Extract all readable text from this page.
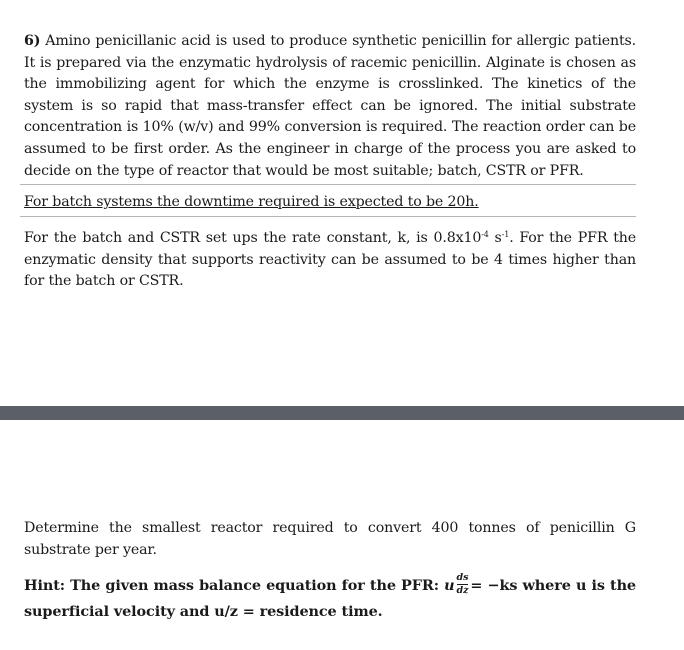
6) Amino penicillanic acid is used to produce synthetic penicillin for allergic patients. It is prepared via the enzymatic hydrolysis of racemic penicillin. Alginate is chosen as the immobilizing agent for which the enzyme is crosslinked. The kinetics of the system is so rapid that mass-transfer effect can be ignored. The initial substrate concentration is 10% (w/v) and 99% conversion is required. The reaction order can be assumed to be first order. As the engineer in charge of the process you are asked to decide on the type of reactor that would be most suitable; batch, CSTR or PFR.
For batch systems the downtime required is expected to be 20h.
For the batch and CSTR set ups the rate constant, k, is $0.8x10^{-4}$ $s^{-1}$. For the PFR the enzymatic density that supports reactivity can be assumed to be 4 times higher than for the batch or CSTR.
Determine the smallest reactor required to convert 400 tonnes of penicillin G substrate per year.
Hint: The given mass balance equation for the PFR: u $\frac{ds}{dz} = -ks$ where u is the superficial velocity and u/z = residence time.
